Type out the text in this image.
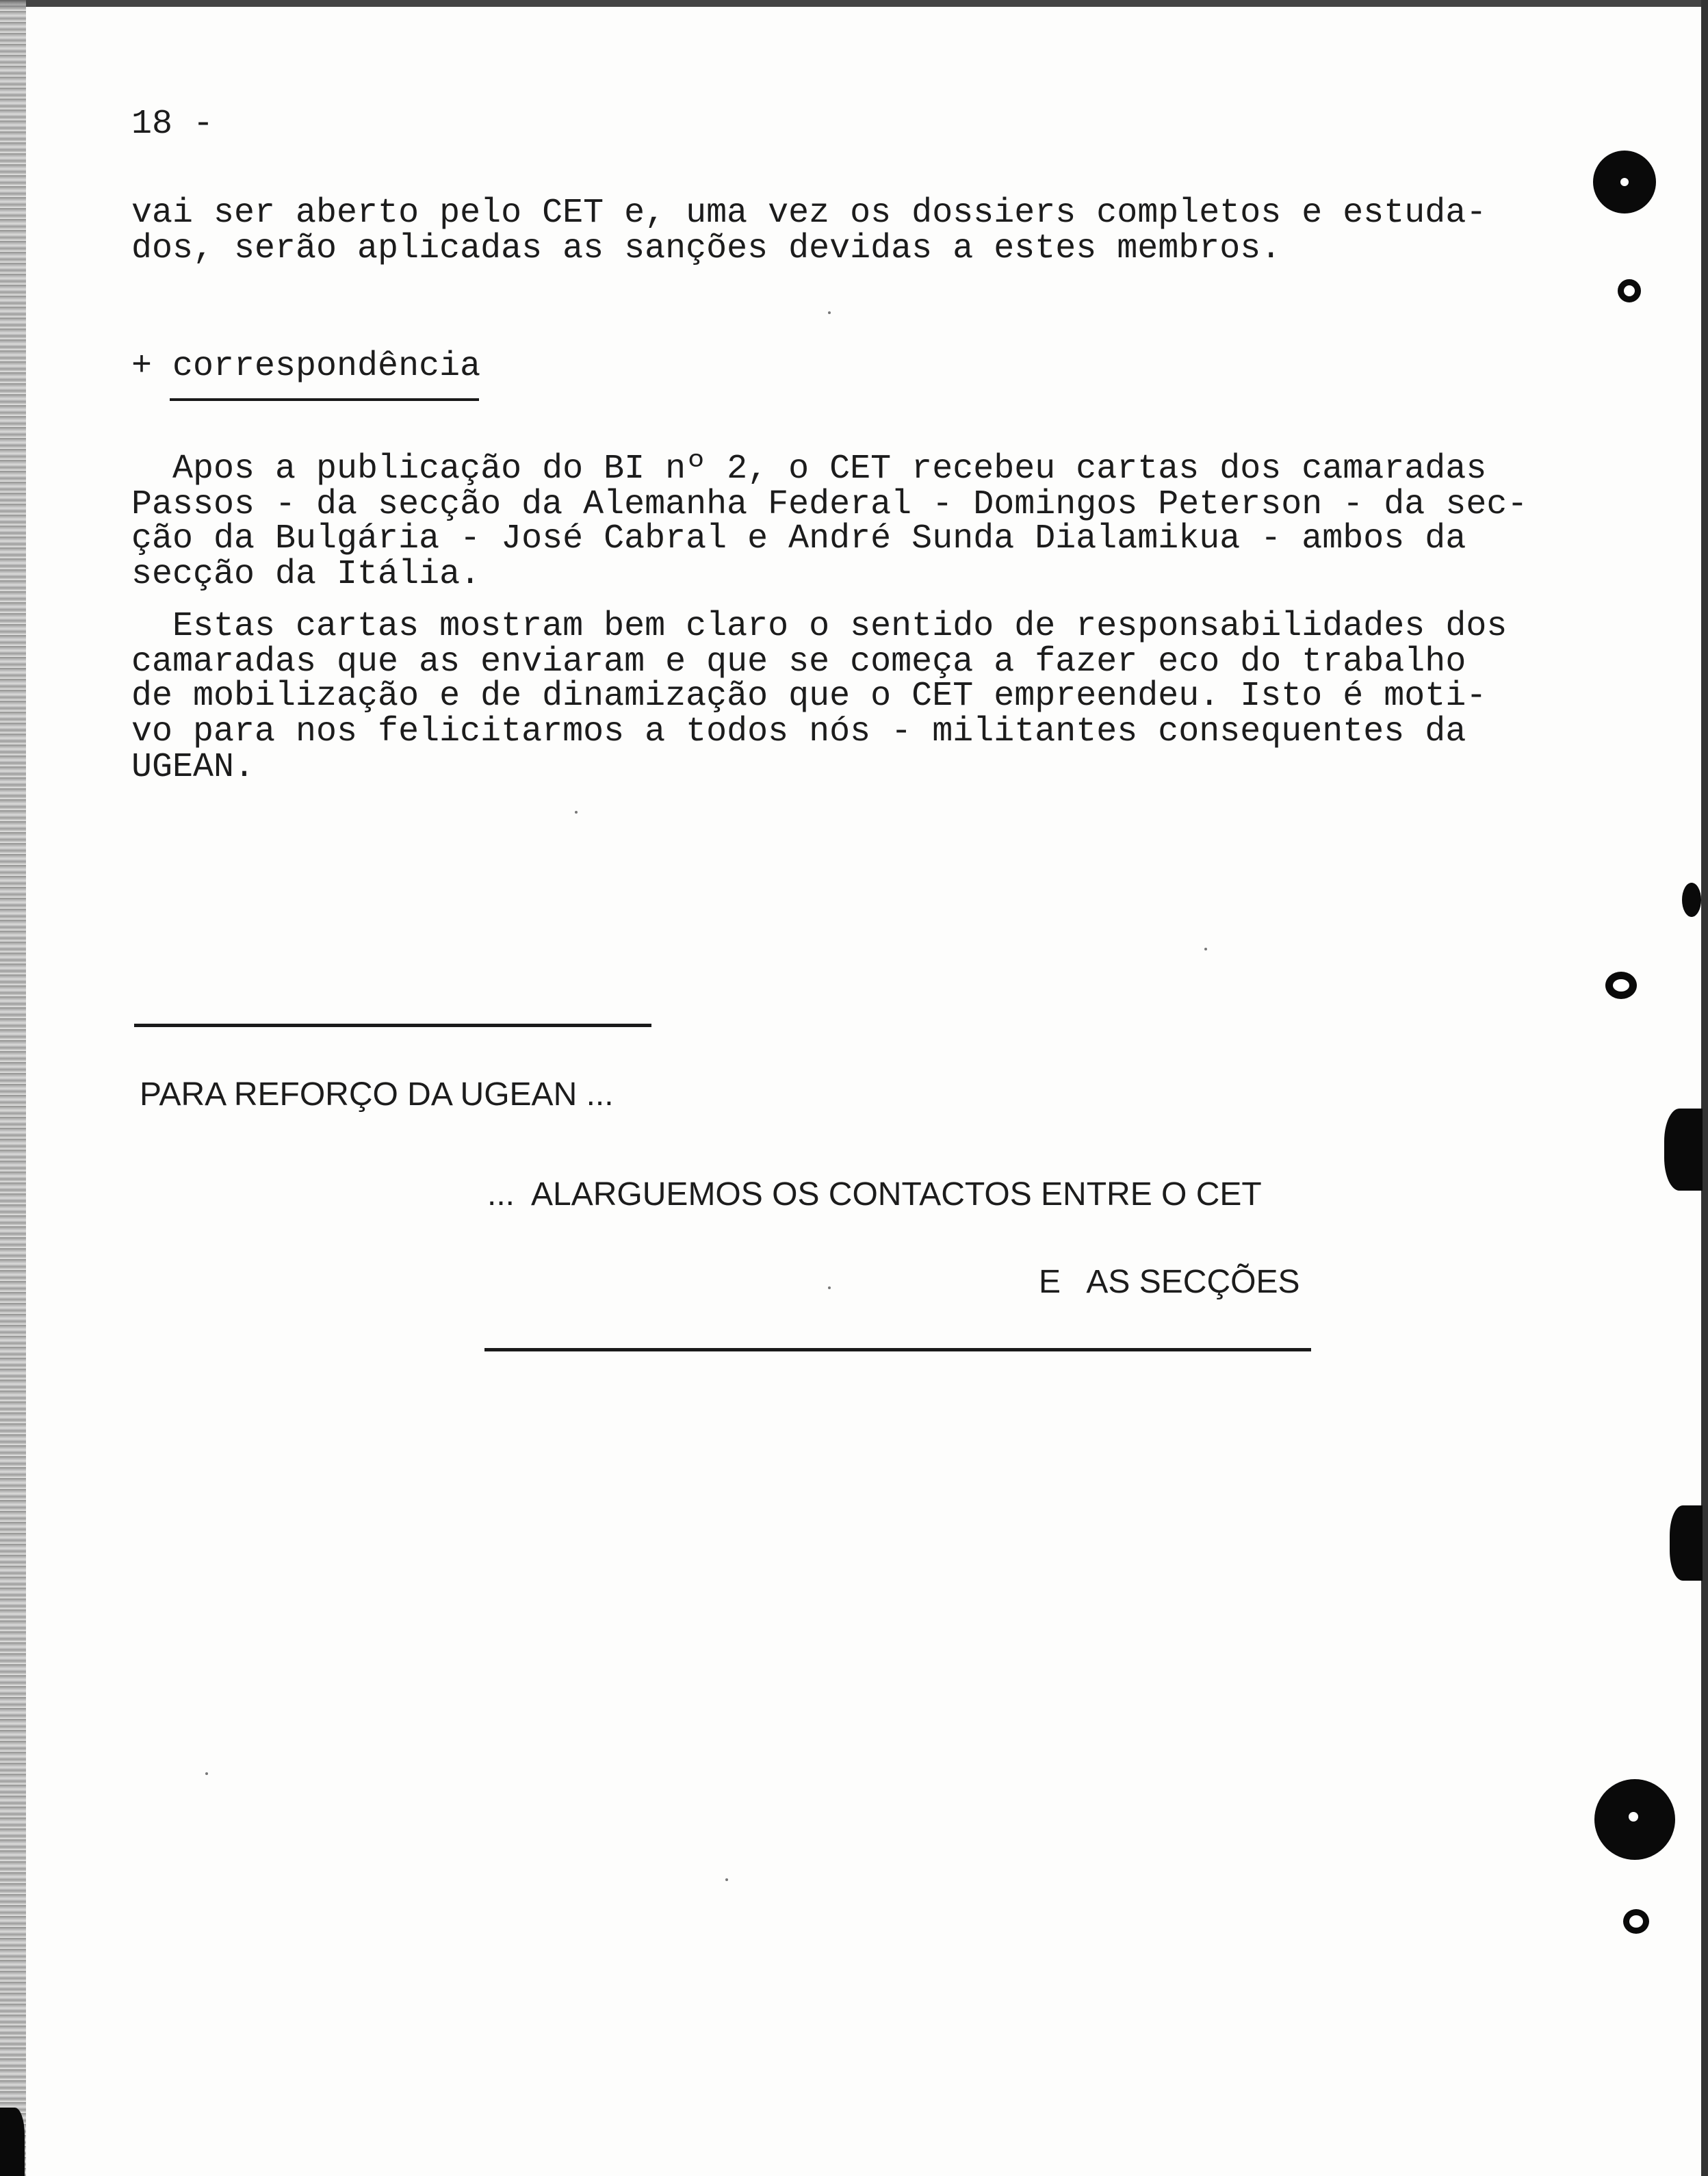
18 -
vai ser aberto pelo CET e, uma vez os dossiers completos e estuda-
dos, serão aplicadas as sanções devidas a estes membros.
+ correspondência
Apos a publicação do BI nº 2, o CET recebeu cartas dos camaradas
Passos - da secção da Alemanha Federal - Domingos Peterson - da sec-
ção da Bulgária - José Cabral e André Sunda Dialamikua - ambos da
secção da Itália.
Estas cartas mostram bem claro o sentido de responsabilidades dos
camaradas que as enviaram e que se começa a fazer eco do trabalho
de mobilização e de dinamização que o CET empreendeu. Isto é moti-
vo para nos felicitarmos a todos nós - militantes consequentes da
UGEAN.
PARA REFORÇO DA UGEAN ...
...  ALARGUEMOS OS CONTACTOS ENTRE O CET
E   AS SECÇÕES
